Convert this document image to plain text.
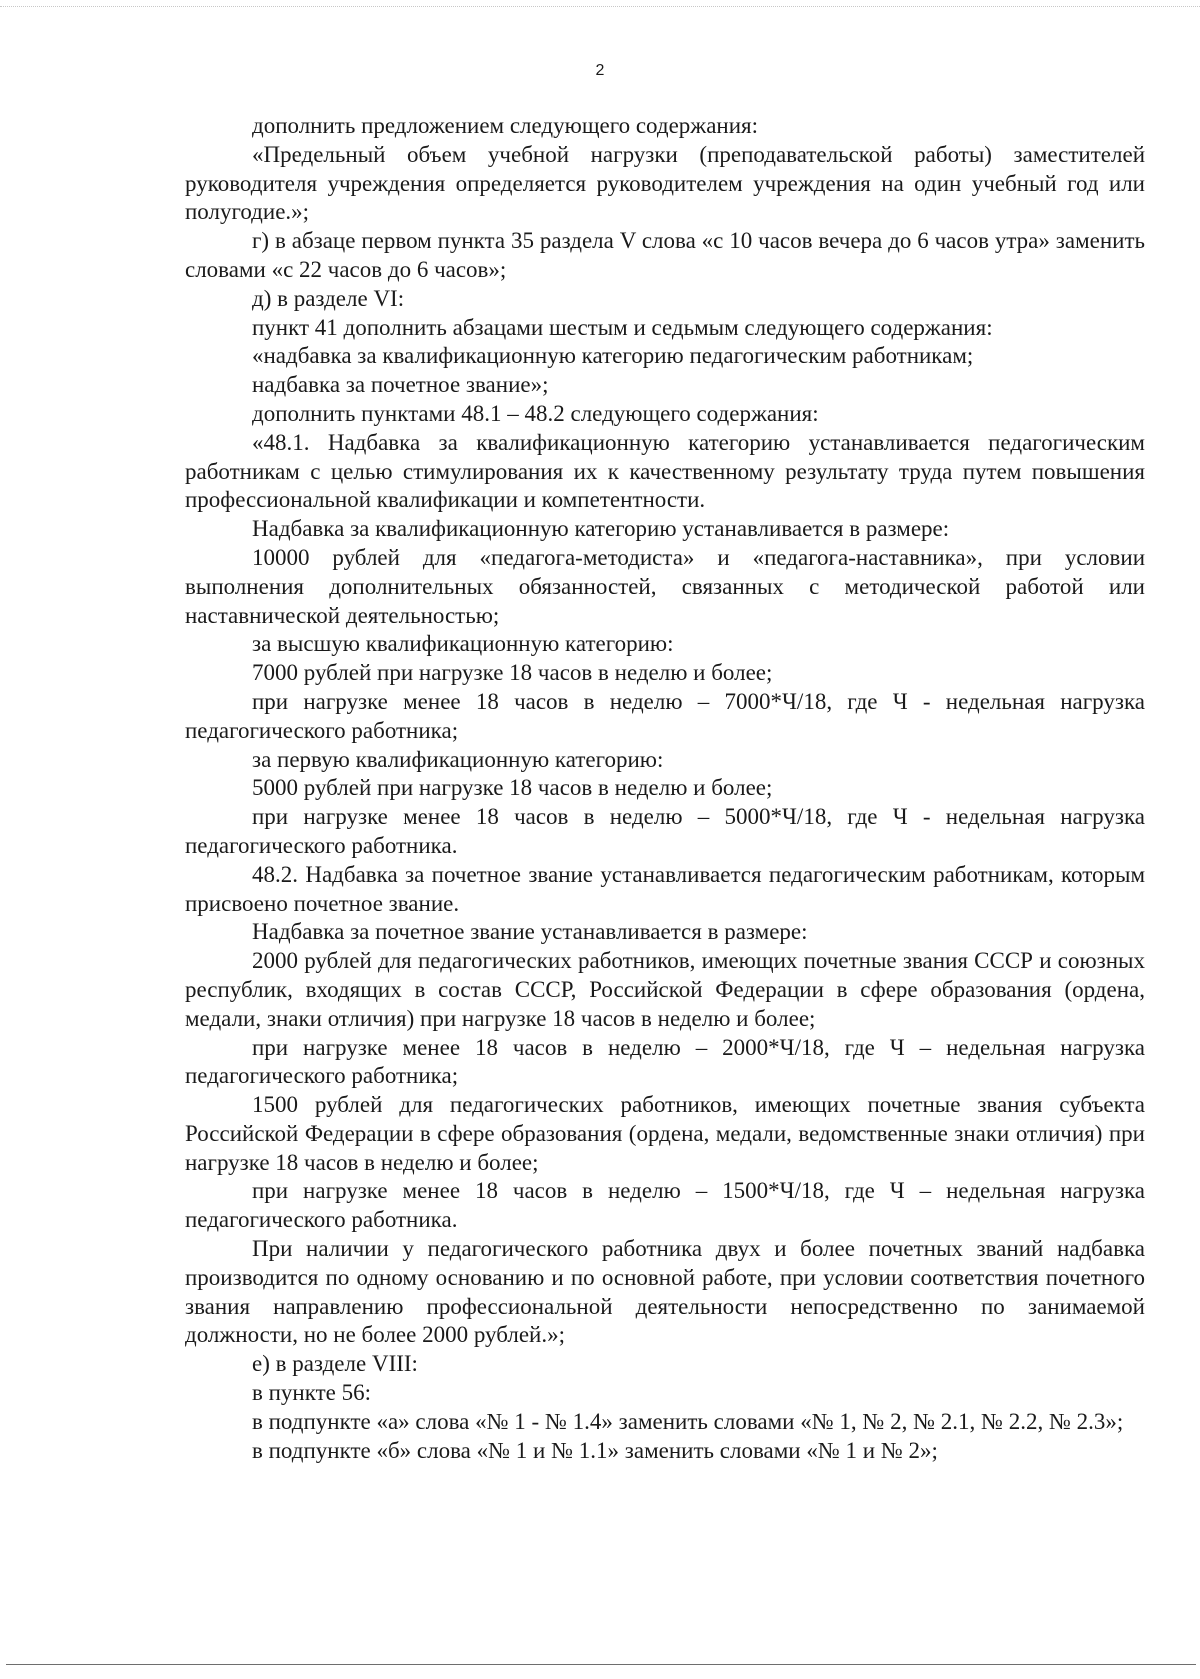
2

дополнить предложением следующего содержания:

«Предельный объем учебной нагрузки (преподавательской работы) заместителей руководителя учреждения определяется руководителем учреждения на один учебный год или полугодие.»;

г) в абзаце первом пункта 35 раздела V слова «с 10 часов вечера до 6 часов утра» заменить словами «с 22 часов до 6 часов»;

д) в разделе VI:

пункт 41 дополнить абзацами шестым и седьмым следующего содержания:

«надбавка за квалификационную категорию педагогическим работникам;

надбавка за почетное звание»;

дополнить пунктами 48.1 – 48.2 следующего содержания:

«48.1. Надбавка за квалификационную категорию устанавливается педагогическим работникам с целью стимулирования их к качественному результату труда путем повышения профессиональной квалификации и компетентности.

Надбавка за квалификационную категорию устанавливается в размере:

10000 рублей для «педагога-методиста» и «педагога-наставника», при условии выполнения дополнительных обязанностей, связанных с методической работой или наставнической деятельностью;

за высшую квалификационную категорию:

7000 рублей при нагрузке 18 часов в неделю и более;

при нагрузке менее 18 часов в неделю – 7000*Ч/18, где Ч - недельная нагрузка педагогического работника;

за первую квалификационную категорию:

5000 рублей при нагрузке 18 часов в неделю и более;

при нагрузке менее 18 часов в неделю – 5000*Ч/18, где Ч - недельная нагрузка педагогического работника.

48.2. Надбавка за почетное звание устанавливается педагогическим работникам, которым присвоено почетное звание.

Надбавка за почетное звание устанавливается в размере:

2000 рублей для педагогических работников, имеющих почетные звания СССР и союзных республик, входящих в состав СССР, Российской Федерации в сфере образования (ордена, медали, знаки отличия) при нагрузке 18 часов в неделю и более;

при нагрузке менее 18 часов в неделю – 2000*Ч/18, где Ч – недельная нагрузка педагогического работника;

1500 рублей для педагогических работников, имеющих почетные звания субъекта Российской Федерации в сфере образования (ордена, медали, ведомственные знаки отличия) при нагрузке 18 часов в неделю и более;

при нагрузке менее 18 часов в неделю – 1500*Ч/18, где Ч – недельная нагрузка педагогического работника.

При наличии у педагогического работника двух и более почетных званий надбавка производится по одному основанию и по основной работе, при условии соответствия почетного звания направлению профессиональной деятельности непосредственно по занимаемой должности, но не более 2000 рублей.»;

е) в разделе VIII:

в пункте 56:

в подпункте «а» слова «№ 1 - № 1.4» заменить словами «№ 1, № 2, № 2.1, № 2.2, № 2.3»;

в подпункте «б» слова «№ 1 и № 1.1» заменить словами «№ 1 и № 2»;
